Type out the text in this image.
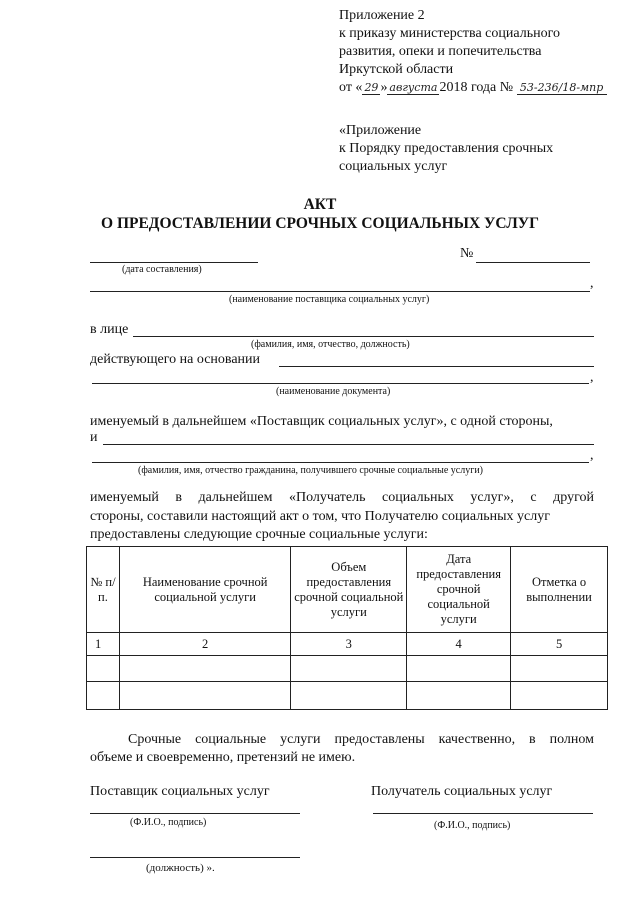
Приложение 2
к приказу министерства социального
развития, опеки и попечительства
Иркутской области
от « 29 » августа 2018 года № 53-236/18-мпр
«Приложение
к Порядку предоставления срочных
социальных услуг
АКТ
О ПРЕДОСТАВЛЕНИИ СРОЧНЫХ СОЦИАЛЬНЫХ УСЛУГ
(дата составления)
№
,
(наименование поставщика социальных услуг)
в лице
(фамилия, имя, отчество, должность)
действующего на основании
,
(наименование документа)
именуемый в дальнейшем «Поставщик социальных услуг», с одной стороны,
и
,
(фамилия, имя, отчество гражданина, получившего срочные социальные услуги)
именуемый в дальнейшем «Получатель социальных услуг», с другой
стороны, составили настоящий акт о том, что Получателю социальных услуг
предоставлены следующие срочные социальные услуги:
№ п/п.	Наименование срочной социальной услуги	Объем предоставления срочной социальной услуги	Дата предоставления срочной социальной услуги	Отметка о выполнении
1	2	3	4	5

Срочные социальные услуги предоставлены качественно, в полном
объеме и своевременно, претензий не имею.
Поставщик социальных услуг	Получатель социальных услуг
(Ф.И.О., подпись)	(Ф.И.О., подпись)
(должность) ».
